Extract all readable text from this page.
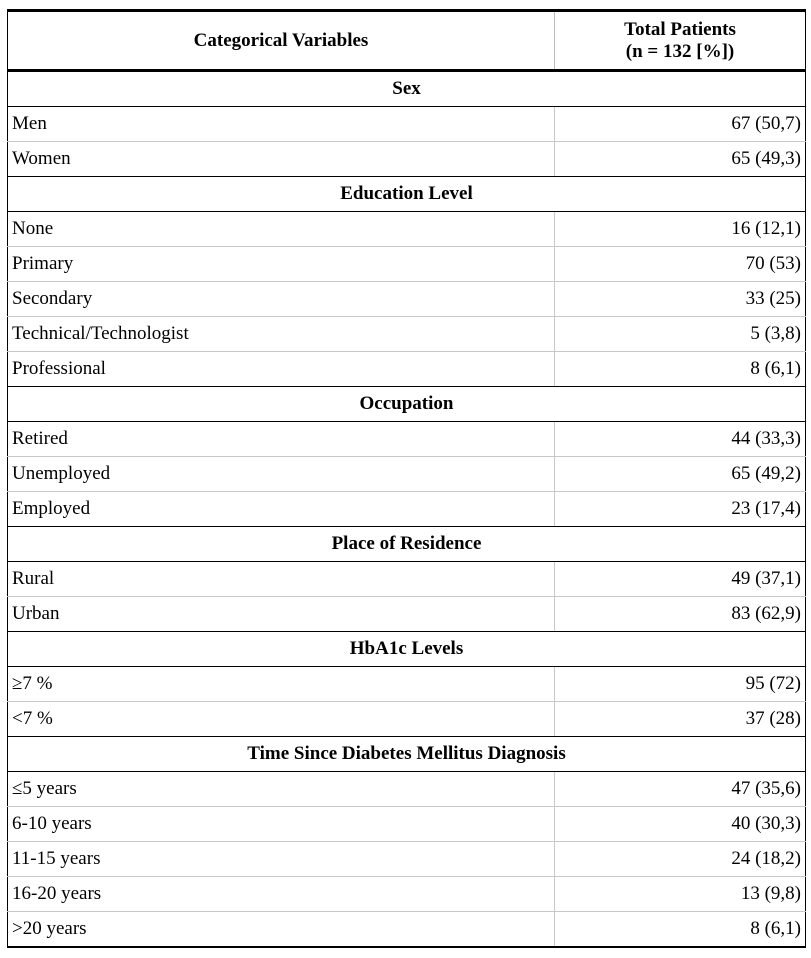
Categorical Variables	Total Patients
(n = 132 [%])

Sex	
Men	67 (50,7)
Women	65 (49,3)
Education Level	
None	16 (12,1)
Primary	70 (53)
Secondary	33 (25)
Technical/Technologist	5 (3,8)
Professional	8 (6,1)
Occupation	
Retired	44 (33,3)
Unemployed	65 (49,2)
Employed	23 (17,4)
Place of Residence	
Rural	49 (37,1)
Urban	83 (62,9)
HbA1c Levels	
≥7 %	95 (72)
<7 %	37 (28)
Time Since Diabetes Mellitus Diagnosis	
≤5 years	47 (35,6)
6-10 years	40 (30,3)
11-15 years	24 (18,2)
16-20 years	13 (9,8)
>20 years	8 (6,1)
